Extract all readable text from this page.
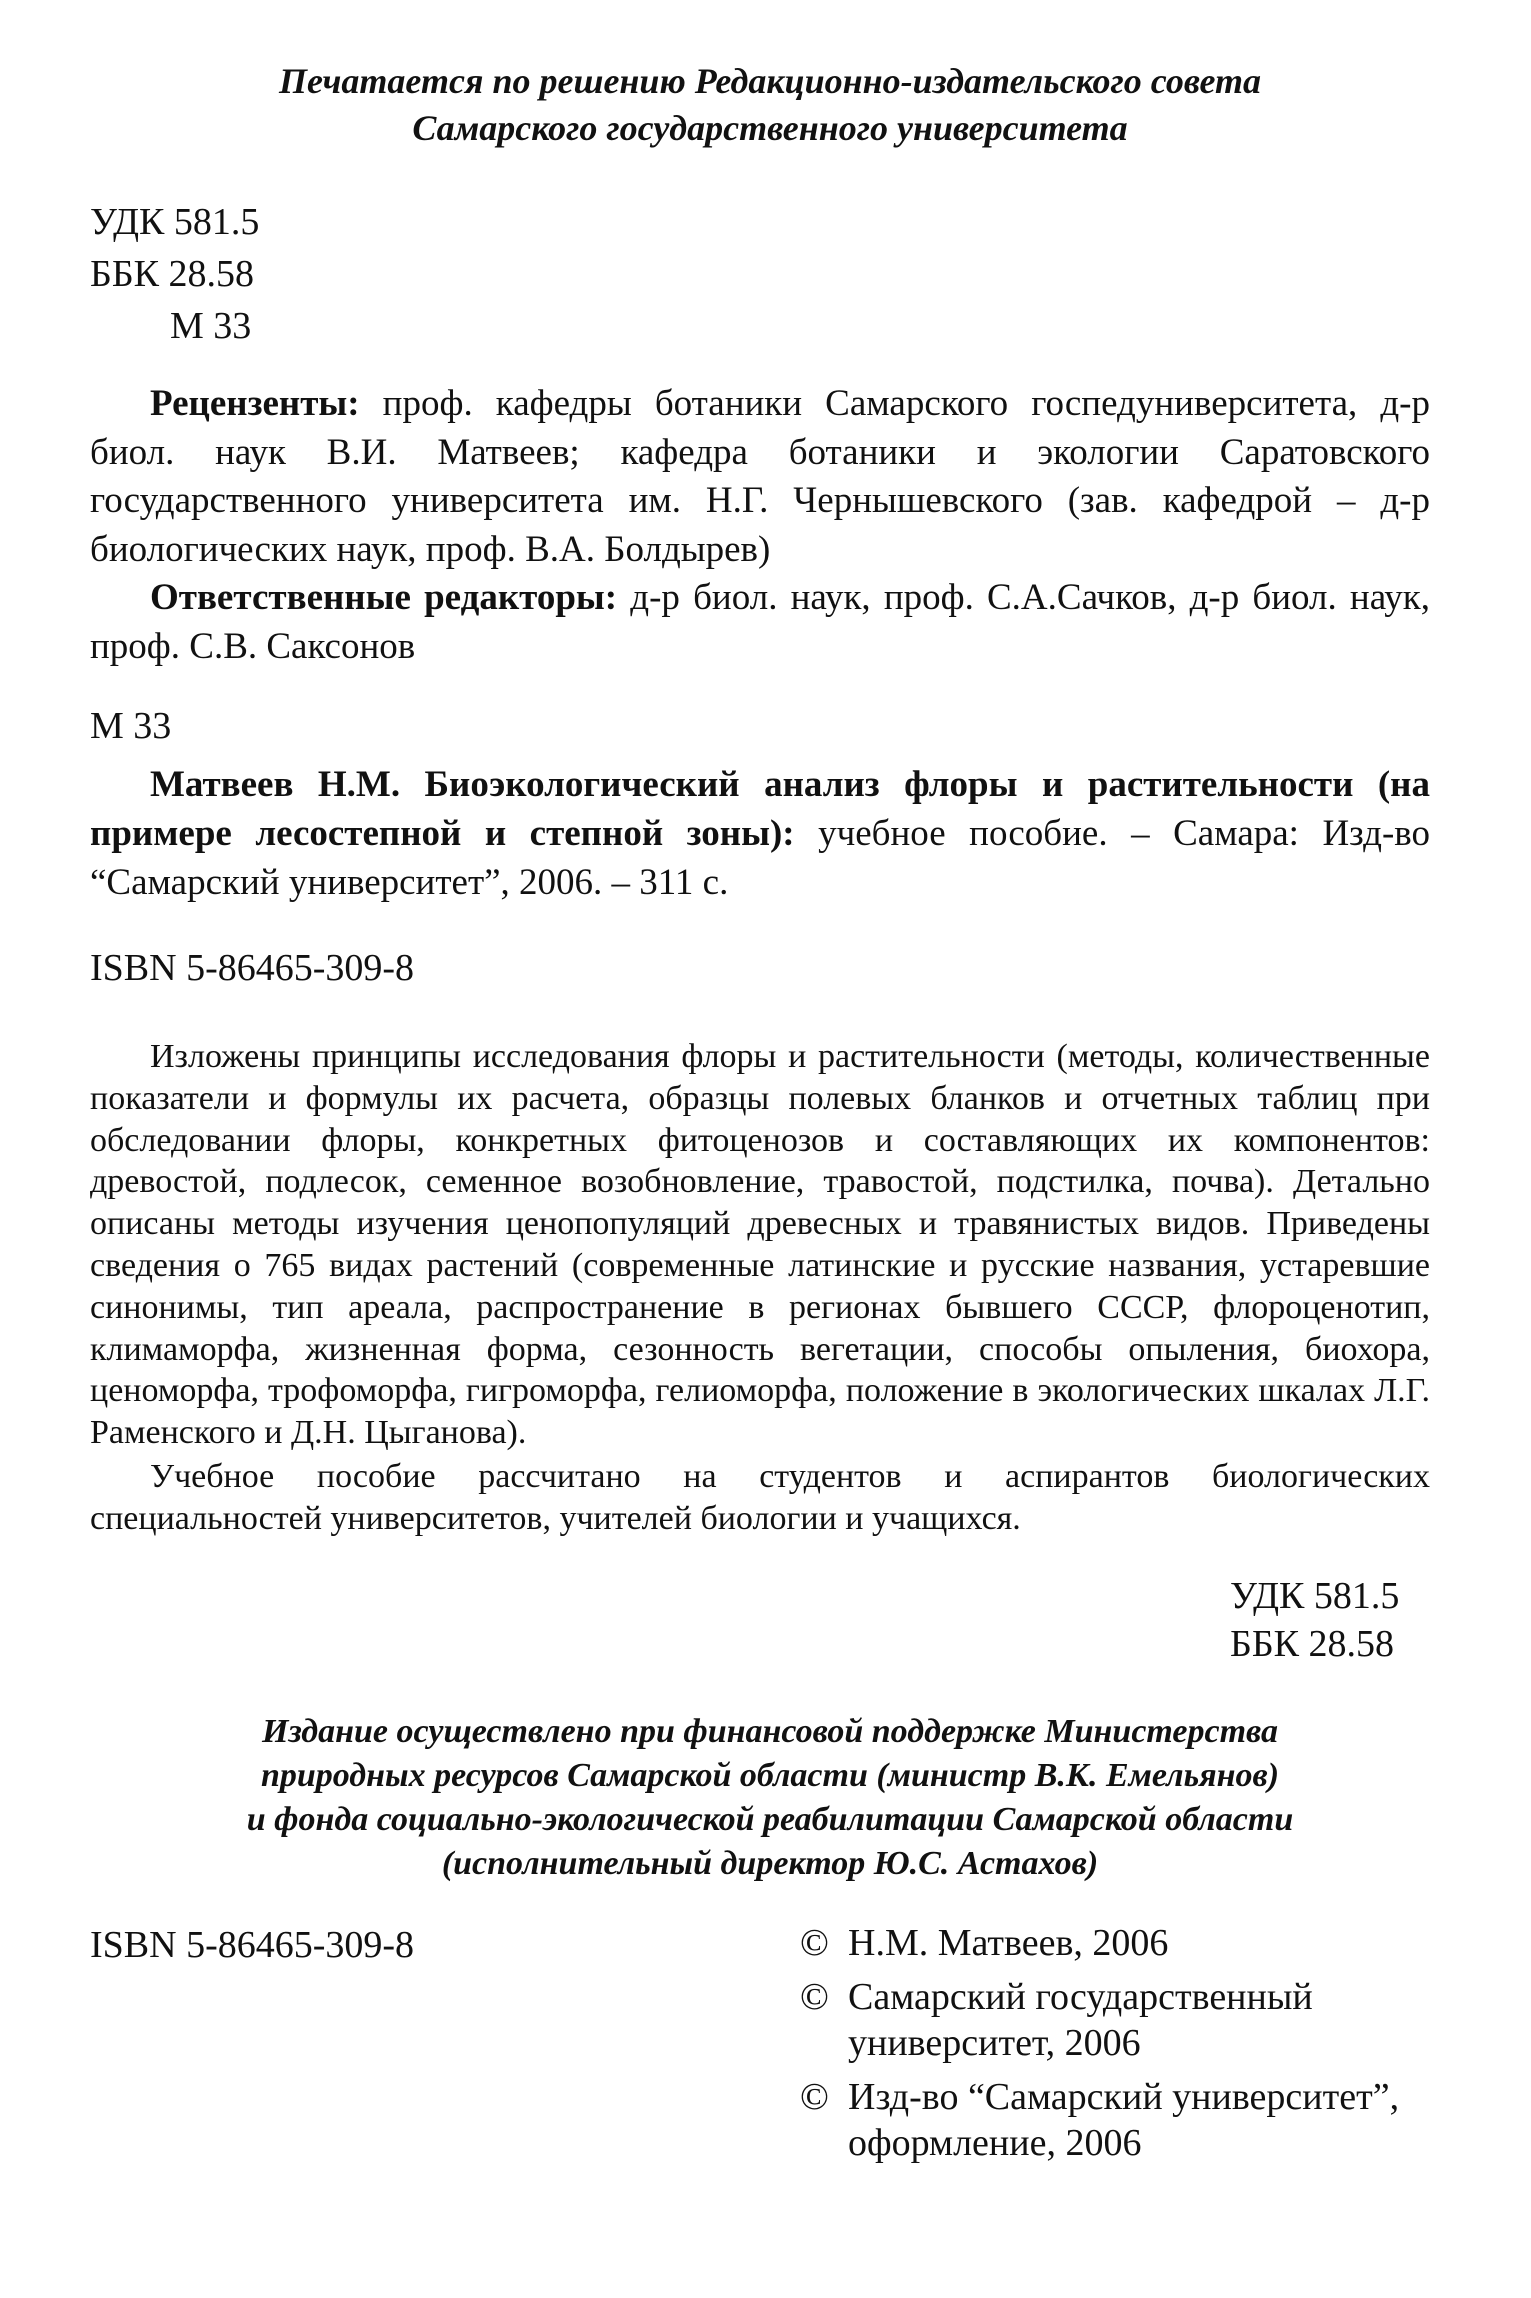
Печатается по решению Редакционно-издательского совета
Самарского государственного университета
УДК 581.5
ББК 28.58
М 33

Рецензенты: проф. кафедры ботаники Самарского госпедуниверситета, д-р биол. наук В.И. Матвеев; кафедра ботаники и экологии Саратовского государственного университета им. Н.Г. Чернышевского (зав. кафедрой – д-р биологических наук, проф. В.А. Болдырев)

Ответственные редакторы: д-р биол. наук, проф. С.А.Сачков, д-р биол. наук, проф. С.В. Саксонов

М 33

Матвеев Н.М. Биоэкологический анализ флоры и растительности (на примере лесостепной и степной зоны): учебное пособие. – Самара: Изд-во “Самарский университет”, 2006. – 311 с.

ISBN 5-86465-309-8

Изложены принципы исследования флоры и растительности (методы, количественные показатели и формулы их расчета, образцы полевых бланков и отчетных таблиц при обследовании флоры, конкретных фитоценозов и составляющих их компонентов: древостой, подлесок, семенное возобновление, травостой, подстилка, почва). Детально описаны методы изучения ценопопуляций древесных и травянистых видов. Приведены сведения о 765 видах растений (современные латинские и русские названия, устаревшие синонимы, тип ареала, распространение в регионах бывшего СССР, флороценотип, климаморфа, жизненная форма, сезонность вегетации, способы опыления, биохора, ценоморфа, трофоморфа, гигроморфа, гелиоморфа, положение в экологических шкалах Л.Г. Раменского и Д.Н. Цыганова).

Учебное пособие рассчитано на студентов и аспирантов биологических специальностей университетов, учителей биологии и учащихся.

УДК 581.5
ББК 28.58
Издание осуществлено при финансовой поддержке Министерства
природных ресурсов Самарской области (министр В.К. Емельянов)
и фонда социально-экологической реабилитации Самарской области
(исполнительный директор Ю.С. Астахов)
ISBN 5-86465-309-8	© Н.М. Матвеев, 2006
© Самарский государственный университет, 2006
© Изд-во “Самарский университет”, оформление, 2006
